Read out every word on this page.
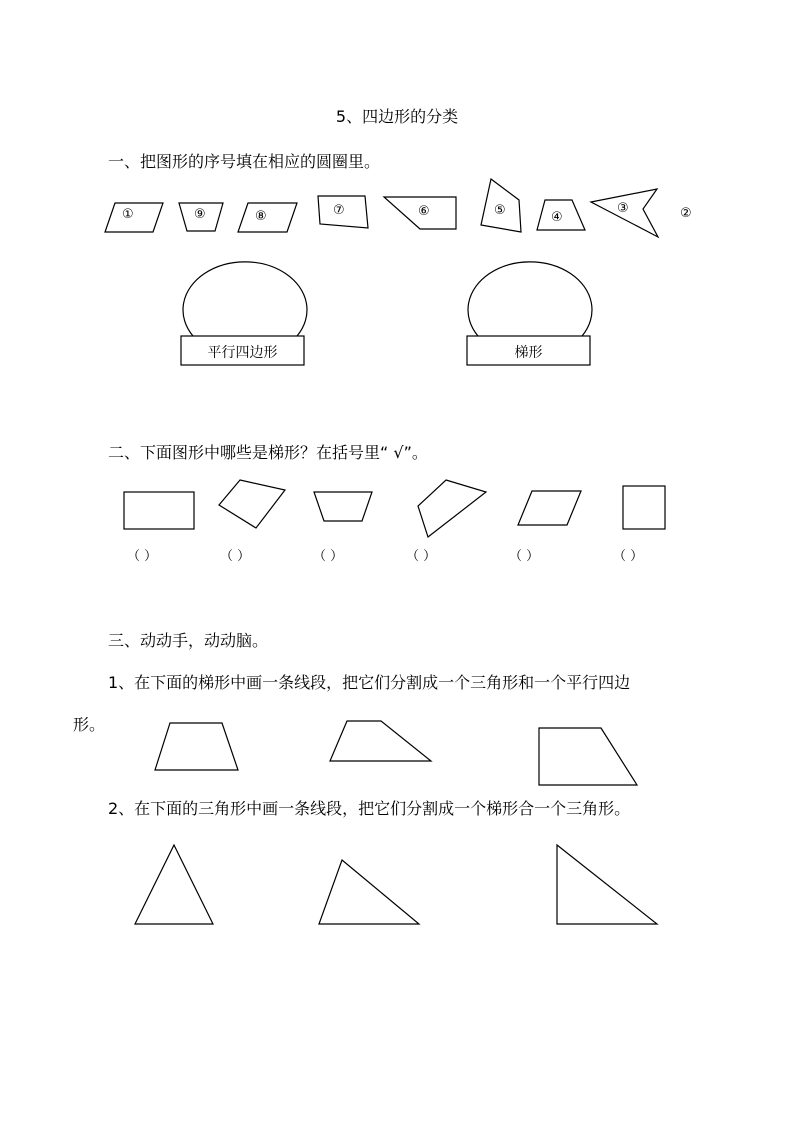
5、四边形的分类
一、把图形的序号填在相应的圆圈里。
①	⑨	⑧	⑦	⑥	⑤	④
③	②
平行四边形	梯形
二、下面图形中哪些是梯形？在括号里“ √”。
（ ）	（ ）	（ ）	（ ）	（ ）	（ ）
三、动动手，动动脑。
1、在下面的梯形中画一条线段，把它们分割成一个三角形和一个平行四边
形。
2、在下面的三角形中画一条线段，把它们分割成一个梯形合一个三角形。
